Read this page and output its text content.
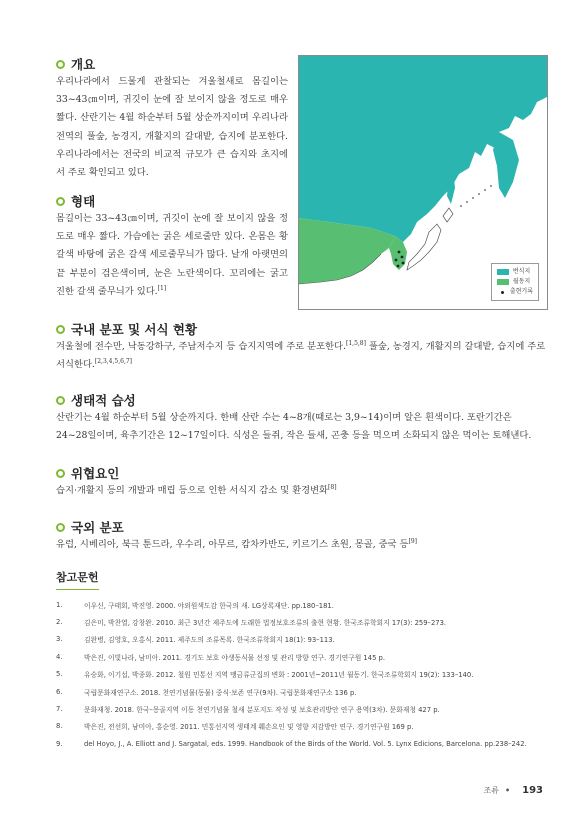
개요

우리나라에서 드물게 관찰되는 겨울철새로 몸길이는 33~43㎝이며, 귀깃이 눈에 잘 보이지 않을 정도로 매우 짧다. 산란기는 4월 하순부터 5월 상순까지이며 우리나라 전역의 풀숲, 농경지, 개활지의 갈대밭, 습지에 분포한다. 우리나라에서는 전국의 비교적 규모가 큰 습지와 초지에서 주로 확인되고 있다.

형태

몸길이는 33~43㎝이며, 귀깃이 눈에 잘 보이지 않을 정도로 매우 짧다. 가슴에는 굵은 세로줄만 있다. 온몸은 황갈색 바탕에 굵은 갈색 세로줄무늬가 많다. 날개 아랫면의 끝 부분이 검은색이며, 눈은 노란색이다. 꼬리에는 굵고 진한 갈색 줄무늬가 있다.[1]

번식지
월동지
출현기록
국내 분포 및 서식 현황

겨울철에 전수만, 낙동강하구, 주남저수지 등 습지지역에 주로 분포한다.[1,5,8] 풀숲, 농경지, 개활지의 갈대밭, 습지에 주로 서식한다.[2,3,4,5,6,7]

생태적 습성

산란기는 4월 하순부터 5월 상순까지다. 한배 산란 수는 4~8개(때로는 3,9~14)이며 알은 흰색이다. 포란기간은 24~28일이며, 육추기간은 12~17일이다. 식성은 들쥐, 작은 들새, 곤충 등을 먹으며 소화되지 않은 먹이는 토해낸다.

위협요인

습지·개활지 등의 개발과 매립 등으로 인한 서식지 감소 및 환경변화[8]

국외 분포

유럽, 시베리아, 북극 툰드라, 우수리, 아무르, 캄차카반도, 키르기스 초원, 몽골, 중국 등[9]

참고문헌
1.	이우신, 구태회, 박진영. 2000. 야외원색도감 한국의 새. LG상록재단. pp.180–181.
2.	김은미, 박찬열, 강창완. 2010. 최근 3년간 제주도에 도래한 법정보호조류의 출현 현황. 한국조류학회지 17(3): 259–273.
3.	김완병, 김영호, 오홍식. 2011. 제주도의 조류목록. 한국조류학회지 18(1): 93–113.
4.	박은진, 이빛나라, 남미아. 2011. 경기도 보호 야생동식물 선정 및 관리 방향 연구. 경기연구원 145 p.
5.	유승화, 이기섭, 박종화. 2012. 철원 민통선 지역 맹금류군집의 변화 : 2001년~2011년 월동기. 한국조류학회지 19(2): 133–140.
6.	국립문화재연구소. 2018. 천연기념물(동물) 중식·보존 연구(9차). 국립문화재연구소 136 p.
7.	문화재청. 2018. 한국–몽골지역 이동 천연기념물 철새 분포지도 작성 및 보호관리방안 연구 용역(3차). 문화재청 427 p.
8.	박은진, 전선희, 남미아, 홍순영. 2011. 민통선지역 생태계 훼손요인 및 영향 저감방안 연구. 경기연구원 169 p.
9.	del Hoyo, J., A. Elliott and J. Sargatal, eds. 1999. Handbook of the Birds of the World. Vol. 5. Lynx Edicions, Barcelona. pp.238–242.
조류 • 193
